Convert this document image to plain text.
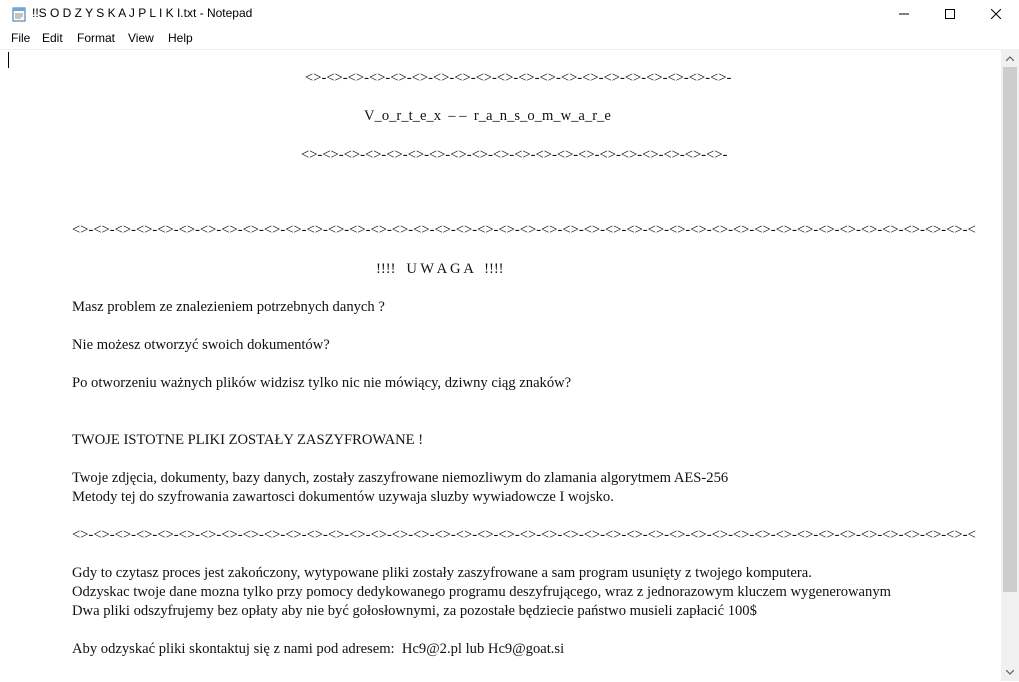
!!S O D Z Y S K A J P L I K I.txt - Notepad
File Edit Format View Help
<>-<>-<>-<>-<>-<>-<>-<>-<>-<>-<>-<>-<>-<>-<>-<>-<>-<>-<>-<>-
V_o_r_t_e_x  – –  r_a_n_s_o_m_w_a_r_e
<>-<>-<>-<>-<>-<>-<>-<>-<>-<>-<>-<>-<>-<>-<>-<>-<>-<>-<>-<>-
<>-<>-<>-<>-<>-<>-<>-<>-<>-<>-<>-<>-<>-<>-<>-<>-<>-<>-<>-<>-<>-<>-<>-<>-<>-<>-<>-<>-<>-<>-<>-<>-<>-<>-<>-<>-<>-<>-<>-<>-<>-<>-<
!!!!   U W A G A   !!!!
Masz problem ze znalezieniem potrzebnych danych ?
Nie możesz otworzyć swoich dokumentów?
Po otworzeniu ważnych plików widzisz tylko nic nie mówiący, dziwny ciąg znaków?
TWOJE ISTOTNE PLIKI ZOSTAŁY ZASZYFROWANE !
Twoje zdjęcia, dokumenty, bazy danych, zostały zaszyfrowane niemozliwym do zlamania algorytmem AES-256
Metody tej do szyfrowania zawartosci dokumentów uzywaja sluzby wywiadowcze I wojsko.
<>-<>-<>-<>-<>-<>-<>-<>-<>-<>-<>-<>-<>-<>-<>-<>-<>-<>-<>-<>-<>-<>-<>-<>-<>-<>-<>-<>-<>-<>-<>-<>-<>-<>-<>-<>-<>-<>-<>-<>-<>-<>-<
Gdy to czytasz proces jest zakończony, wytypowane pliki zostały zaszyfrowane a sam program usunięty z twojego komputera.
Odzyskac twoje dane mozna tylko przy pomocy dedykowanego programu deszyfrującego, wraz z jednorazowym kluczem wygenerowanym
Dwa pliki odszyfrujemy bez opłaty aby nie być gołosłownymi, za pozostałe będziecie państwo musieli zapłacić 100$
Aby odzyskać pliki skontaktuj się z nami pod adresem:  Hc9@2.pl lub Hc9@goat.si
